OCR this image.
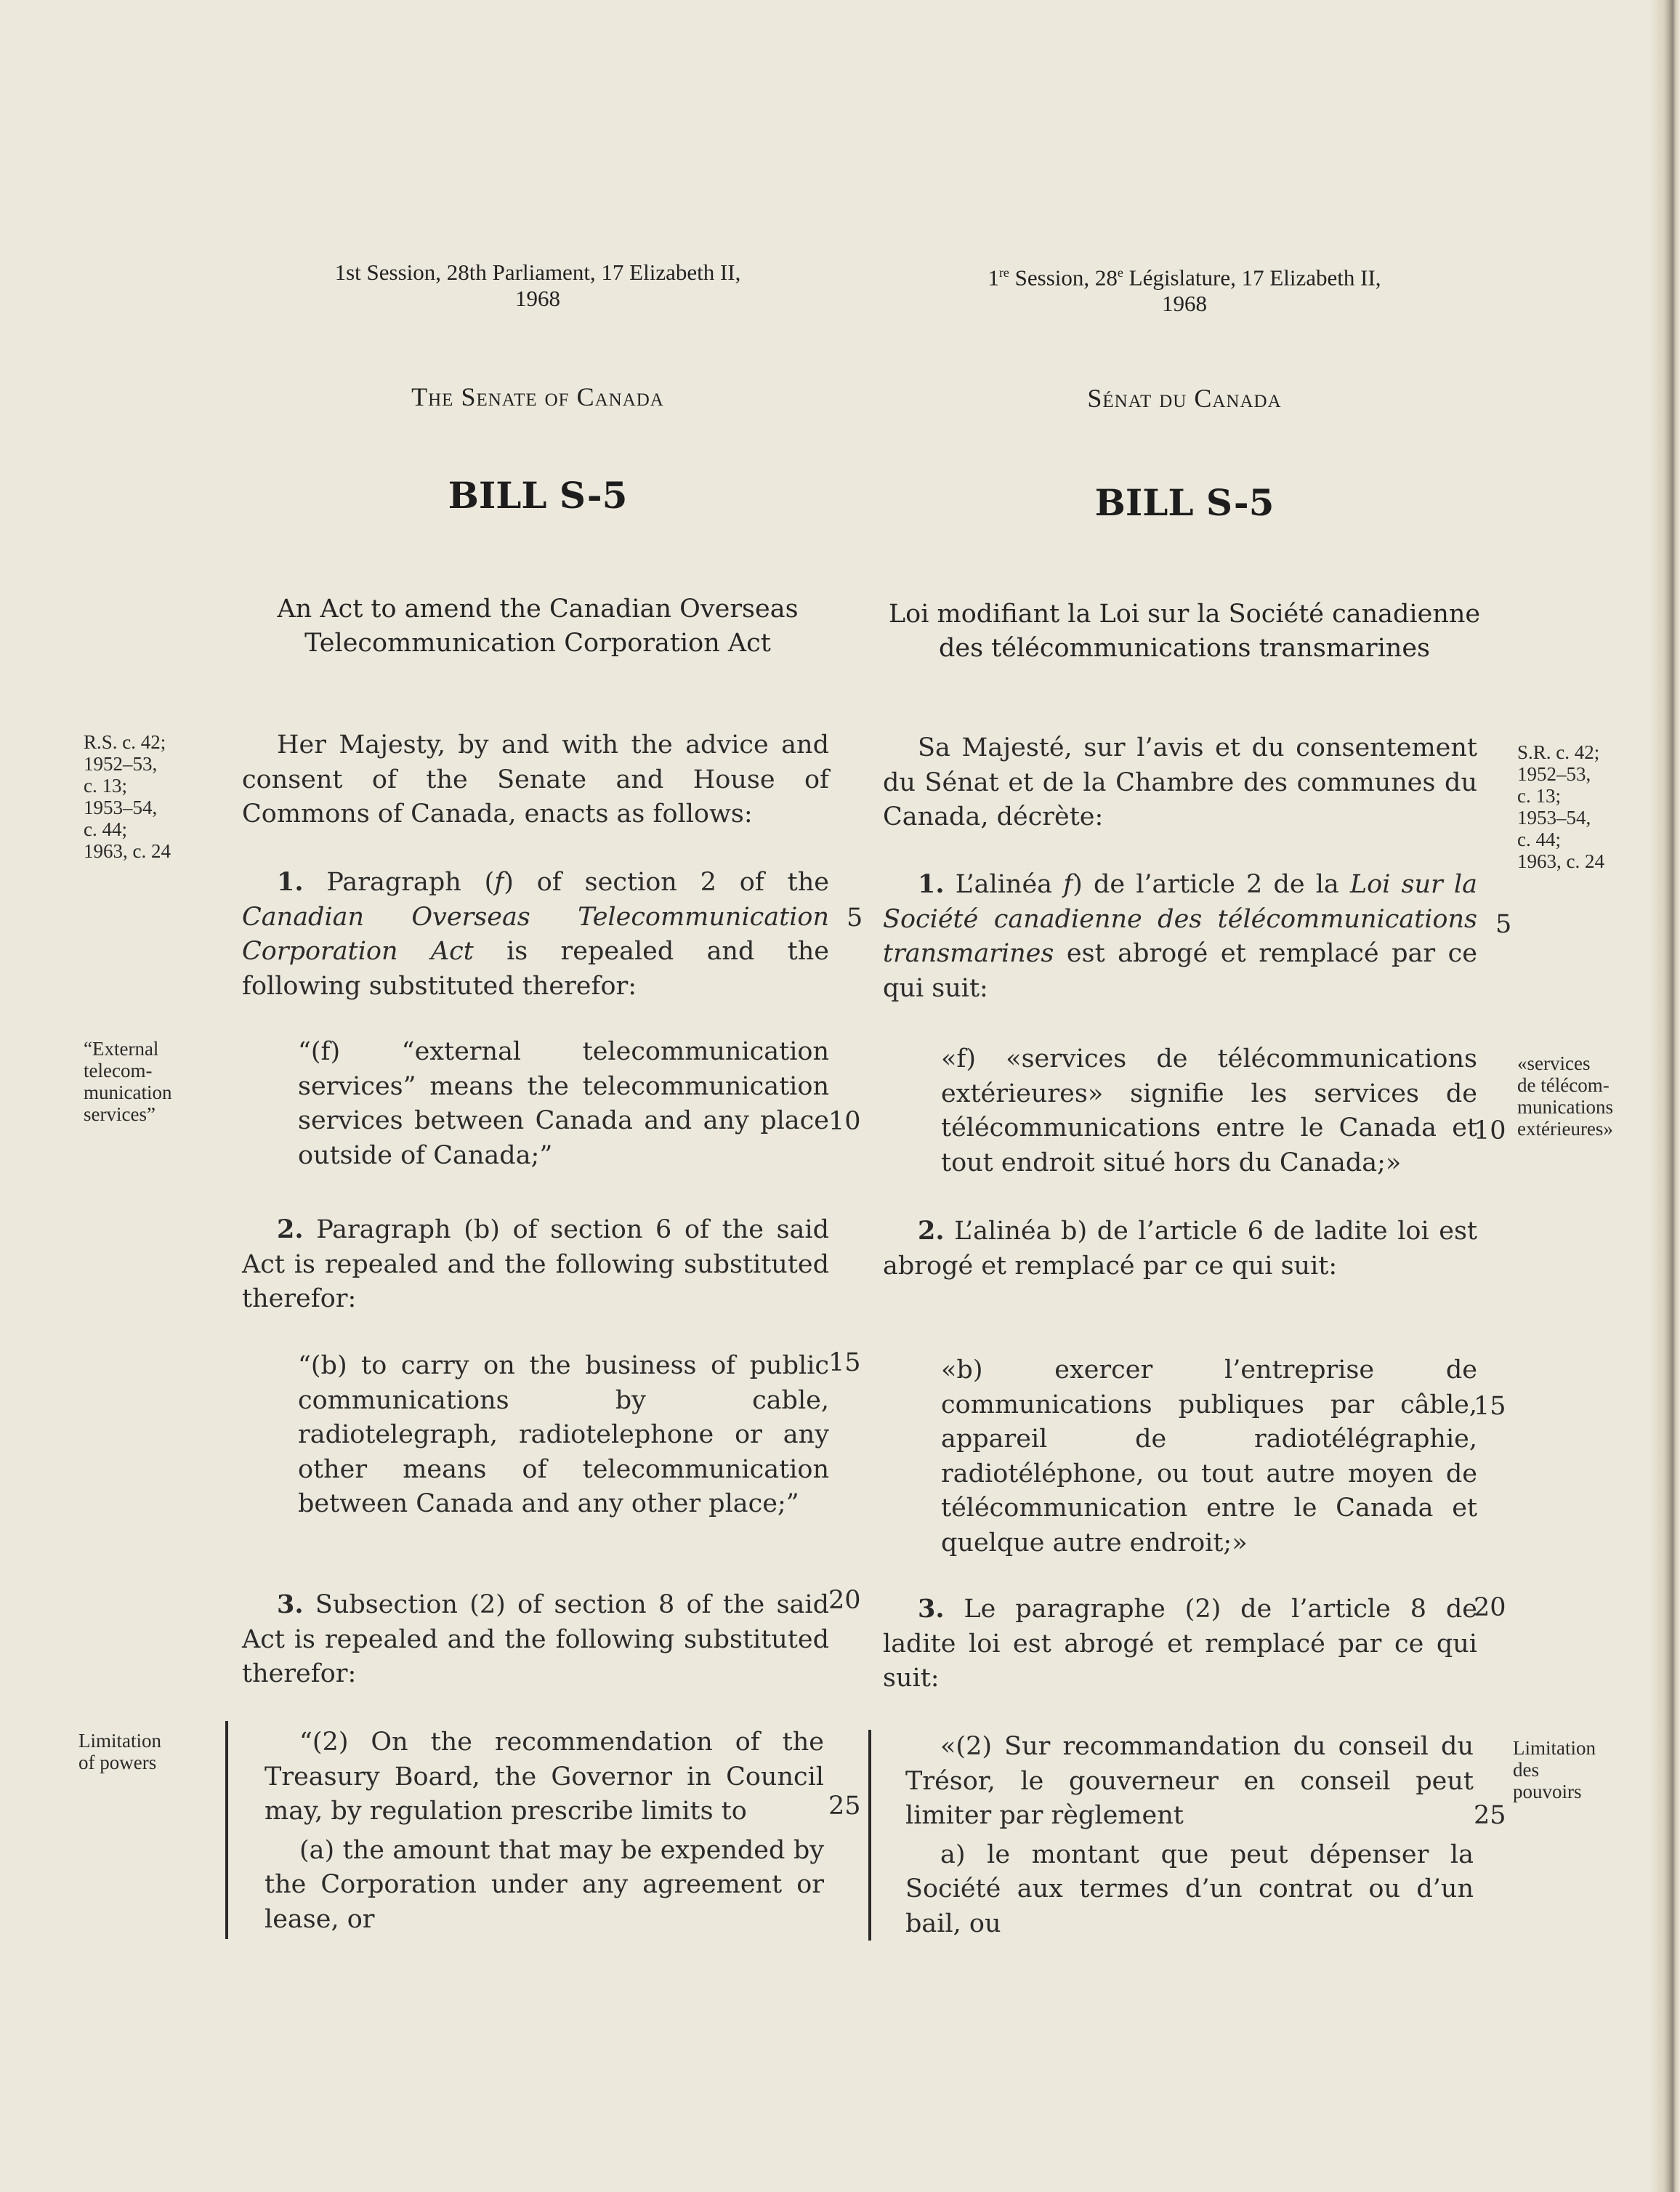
1st Session, 28th Parliament, 17 Elizabeth II,
1968
1re Session, 28e Législature, 17 Elizabeth II,
1968
The Senate of Canada	Sénat du Canada
BILL S-5	BILL S-5
An Act to amend the Canadian Overseas Telecommunication Corporation Act
Loi modifiant la Loi sur la Société canadienne des télécommunications transmarines

Her Majesty, by and with the advice and consent of the Senate and House of Commons of Canada, enacts as follows:

1. Paragraph (f) of section 2 of the Canadian Overseas Telecommunication Corporation Act is repealed and the following substituted therefor:

“(f) “external telecommunication services” means the telecommunication services between Canada and any place outside of Canada;”

2. Paragraph (b) of section 6 of the said Act is repealed and the following substituted therefor:

“(b) to carry on the business of public communications by cable, radiotelegraph, radiotelephone or any other means of telecommunication between Canada and any other place;”

3. Subsection (2) of section 8 of the said Act is repealed and the following substituted therefor:

“(2) On the recommendation of the Treasury Board, the Governor in Council may, by regulation prescribe limits to

(a) the amount that may be expended by the Corporation under any agreement or lease, or

Sa Majesté, sur l’avis et du consentement du Sénat et de la Chambre des communes du Canada, décrète:

1. L’alinéa f) de l’article 2 de la Loi sur la Société canadienne des télécommunications transmarines est abrogé et remplacé par ce qui suit:

«f) «services de télécommunications extérieures» signifie les services de télécommunications entre le Canada et tout endroit situé hors du Canada;»

2. L’alinéa b) de l’article 6 de ladite loi est abrogé et remplacé par ce qui suit:

«b) exercer l’entreprise de communications publiques par câble, appareil de radiotélégraphie, radiotéléphone, ou tout autre moyen de télécommunication entre le Canada et quelque autre endroit;»

3. Le paragraphe (2) de l’article 8 de ladite loi est abrogé et remplacé par ce qui suit:

«(2) Sur recommandation du conseil du Trésor, le gouverneur en conseil peut limiter par règlement

a) le montant que peut dépenser la Société aux termes d’un contrat ou d’un bail, ou

R.S. c. 42;
1952–53,
c. 13;
1953–54,
c. 44;
1963, c. 24
“External
telecom-
munication
services”
Limitation
of powers
S.R. c. 42;
1952–53,
c. 13;
1953–54,
c. 44;
1963, c. 24
«services
de télécom-
munications
extérieures»
Limitation
des
pouvoirs
5
10
15
20
25
5
10
15
20
25
